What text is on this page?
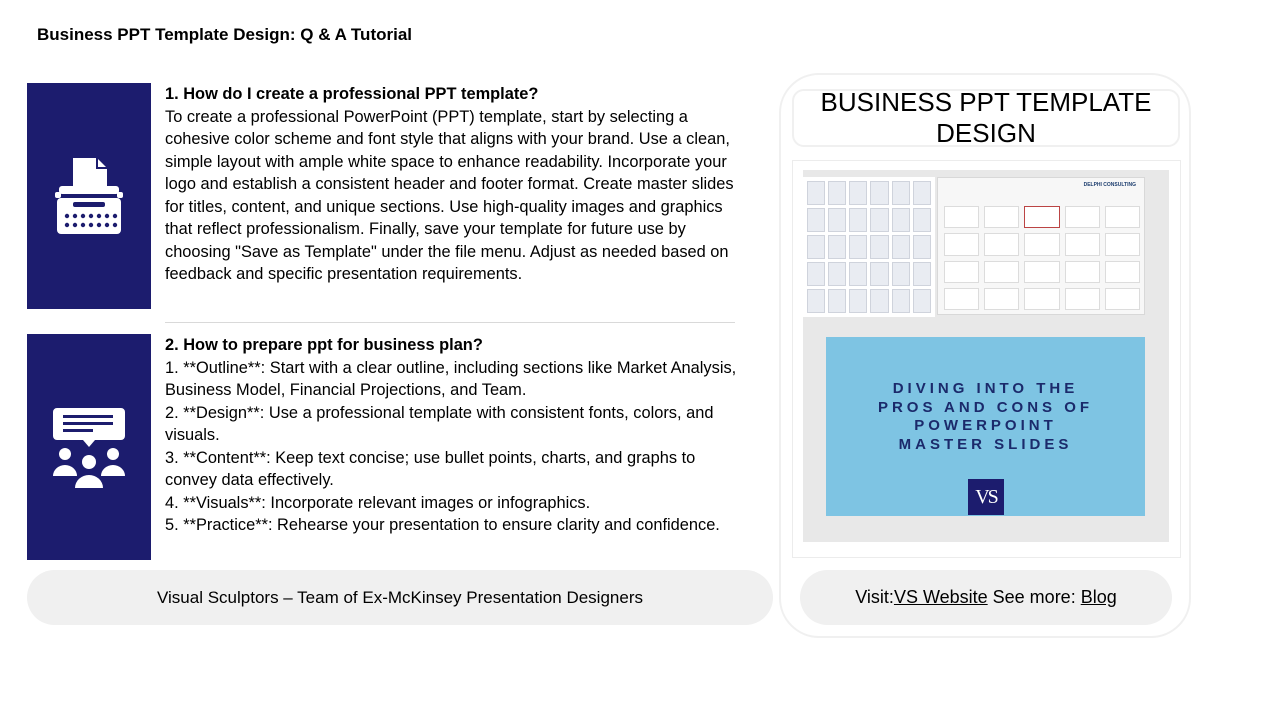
Business PPT Template Design: Q & A Tutorial
1. How do I create a professional PPT template?
To create a professional PowerPoint (PPT) template, start by selecting a cohesive color scheme and font style that aligns with your brand. Use a clean, simple layout with ample white space to enhance readability. Incorporate your logo and establish a consistent header and footer format. Create master slides for titles, content, and unique sections. Use high-quality images and graphics that reflect professionalism. Finally, save your template for future use by choosing "Save as Template" under the file menu. Adjust as needed based on feedback and specific presentation requirements.
2. How to prepare ppt for business plan?
1. **Outline**: Start with a clear outline, including sections like Market Analysis, Business Model, Financial Projections, and Team.
2. **Design**: Use a professional template with consistent fonts, colors, and visuals.
3. **Content**: Keep text concise; use bullet points, charts, and graphs to convey data effectively.
4. **Visuals**: Incorporate relevant images or infographics.
5. **Practice**: Rehearse your presentation to ensure clarity and confidence.
Visual Sculptors – Team of Ex-McKinsey Presentation Designers
BUSINESS PPT TEMPLATE DESIGN
DELPHI CONSULTING
DIVING INTO THE
PROS AND CONS OF
POWERPOINT
MASTER SLIDES
VS
Visit: VS Website See more: Blog
